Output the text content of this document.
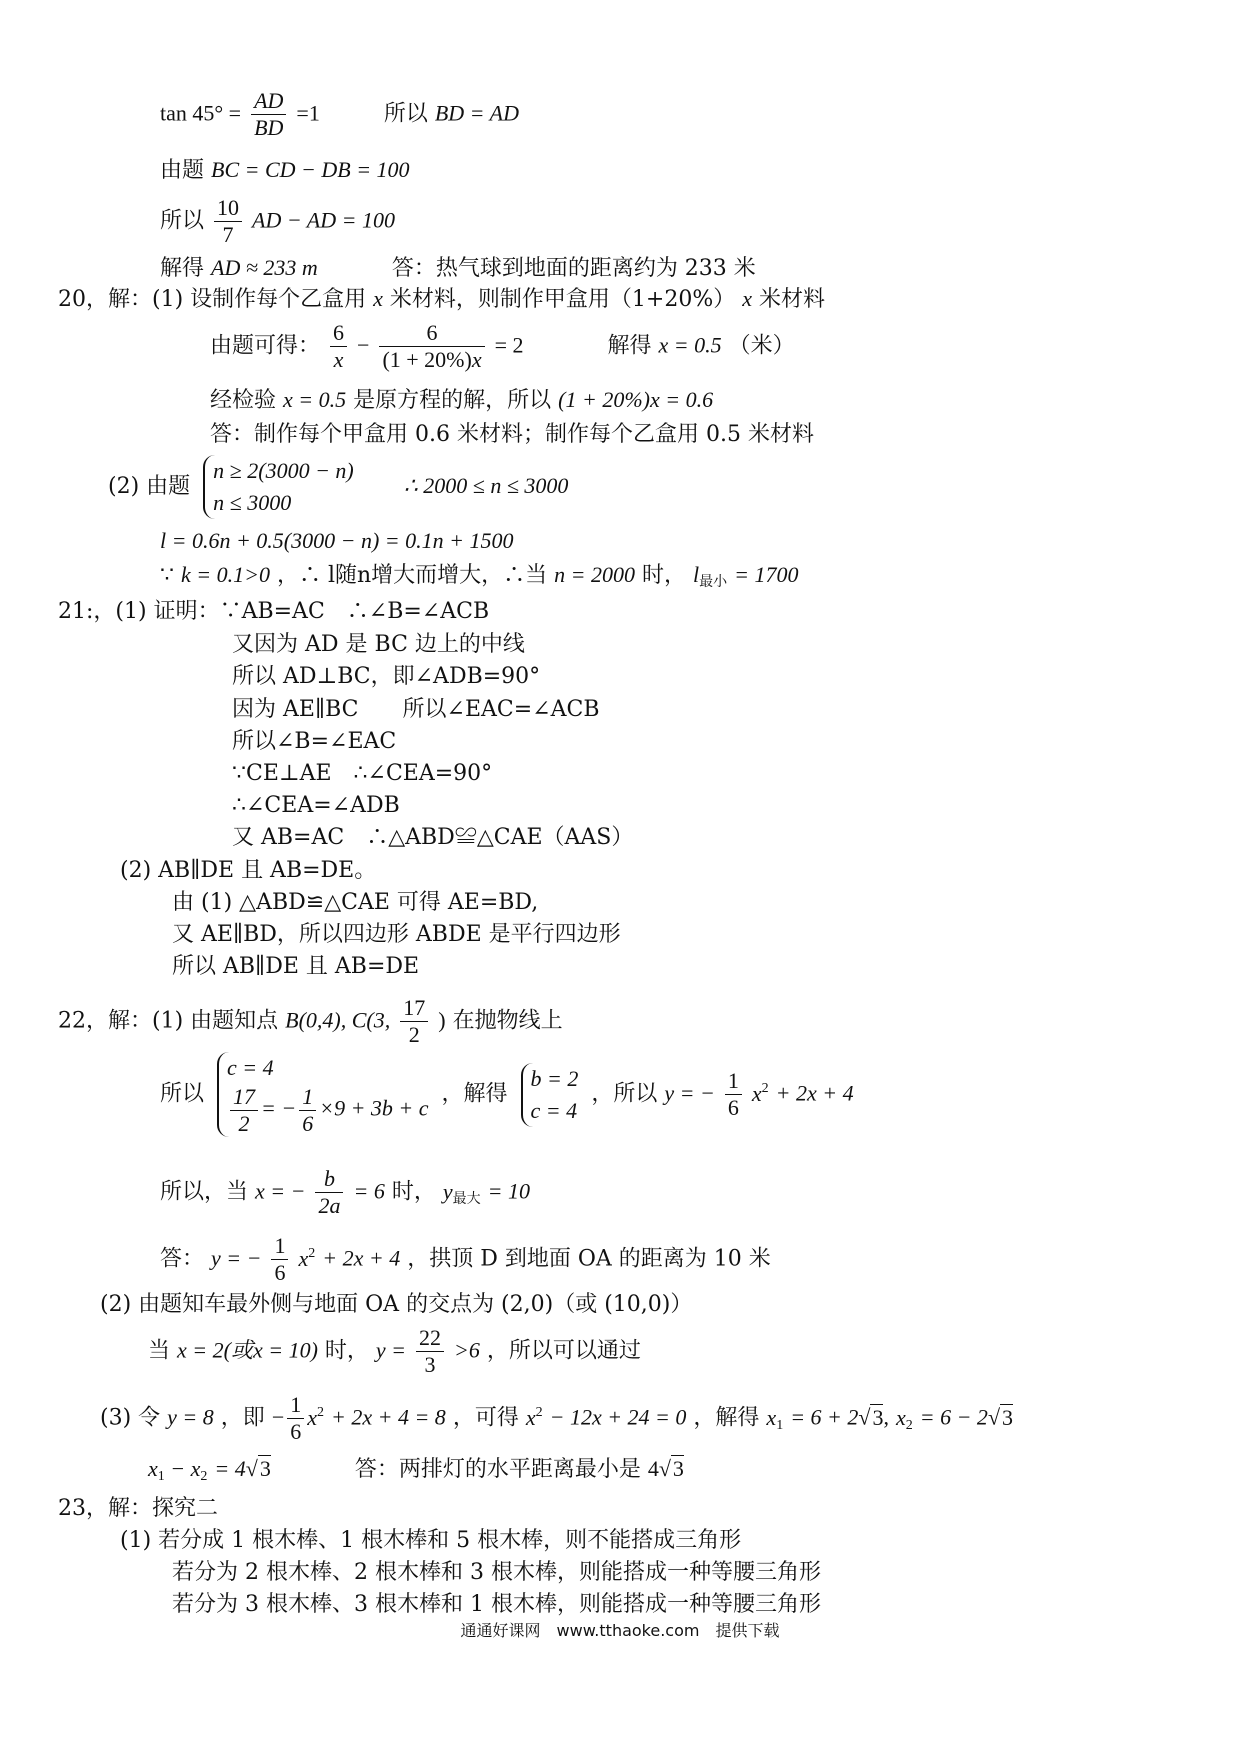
$\tan 45^\circ = \frac{AD}{BD} =1$	所以 BD = AD
由题 BC = CD − DB = 100
所以 $\frac{10}{7}$ AD − AD = 100
解得 AD ≈ 233 m	答：热气球到地面的距离约为 233 米
20，解：(1) 设制作每个乙盒用 x 米材料，则制作甲盒用（1+20%） x 米材料
由题可得： $\frac{6}{x} - \frac{6}{(1 + 20\%)x} = 2$	解得 x = 0.5 （米）
经检验 x = 0.5 是原方程的解，所以 (1 + 20%)x = 0.6
答：制作每个甲盒用 0.6 米材料；制作每个乙盒用 0.5 米材料
(2) 由题
n ≥ 2(3000 − n)
n ≤ 3000
∴ 2000 ≤ n ≤ 3000
l = 0.6n + 0.5(3000 − n) = 0.1n + 1500
∵ k = 0.1>0 ，∴ l随n增大而增大，∴当 n = 2000 时， $l_{最小} = 1700$
21:，(1) 证明：∵AB=AC　∴∠B=∠ACB
又因为 AD 是 BC 边上的中线
所以 AD⊥BC，即∠ADB=90°
因为 AE∥BC　　所以∠EAC=∠ACB
所以∠B=∠EAC
∵CE⊥AE　∴∠CEA=90°
∴∠CEA=∠ADB
又 AB=AC　∴△ABD≌△CAE（AAS）
(2) AB∥DE 且 AB=DE。
由 (1) △ABD≌△CAE 可得 AE=BD,
又 AE∥BD，所以四边形 ABDE 是平行四边形
所以 AB∥DE 且 AB=DE
22，解：(1) 由题知点 B(0,4), C(3, $\frac{17}{2}$ ) 在抛物线上
所以
c = 4
$\frac{17}{2}$ = − $\frac{1}{6} \times 9 + 3b + c$
，解得
b = 2
c = 4
，所以 y = − $\frac{1}{6} x^2 + 2x + 4$
所以，当 x = − $\frac{b}{2a} = 6$ 时， $y_{最大} = 10$
答： y = − $\frac{1}{6} x^2 + 2x + 4$ ，拱顶 D 到地面 OA 的距离为 10 米
(2) 由题知车最外侧与地面 OA 的交点为 (2,0)（或 (10,0)）
当 x = 2(或x = 10) 时， $y = \frac{22}{3} >6$ ，所以可以通过
(3) 令 y = 8 ，即 − $\frac{1}{6} x^2 + 2x + 4 = 8$ ，可得 $x^2 - 12x + 24 = 0$ ，解得 $x_1 = 6 + 2√3$, $x_2 = 6 - 2√3$
$x_1 - x_2 = 4√3$	答：两排灯的水平距离最小是 4√3
23，解：探究二
(1) 若分成 1 根木棒、1 根木棒和 5 根木棒，则不能搭成三角形
若分为 2 根木棒、2 根木棒和 3 根木棒，则能搭成一种等腰三角形
若分为 3 根木棒、3 根木棒和 1 根木棒，则能搭成一种等腰三角形
通通好课网　www.tthaoke.com　提供下载
